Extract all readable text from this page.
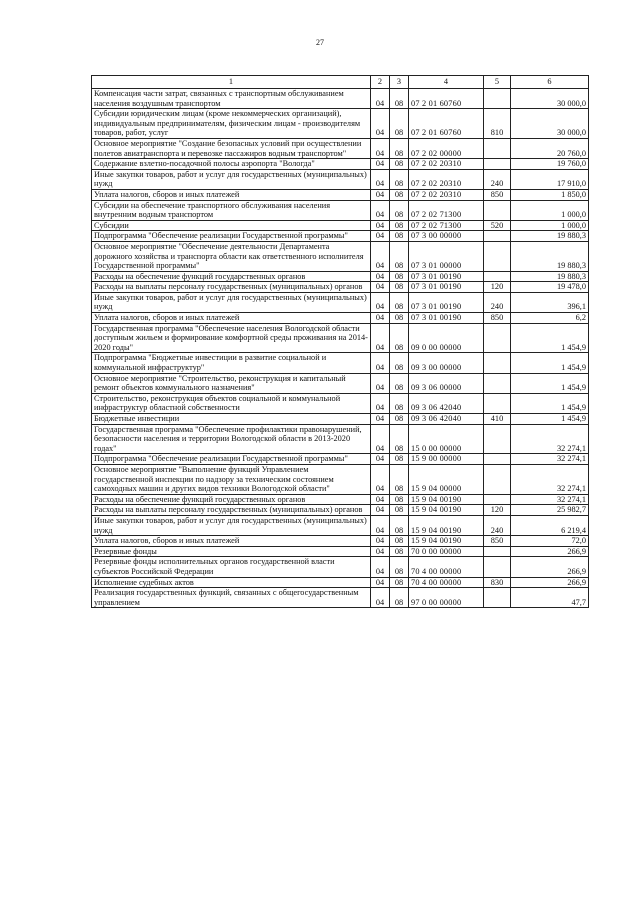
27
1	2	3	4	5	6
Компенсация части затрат, связанных с транспортным обслуживанием населения воздушным транспортом	04	08	07 2 01 60760		30 000,0
Субсидии юридическим лицам (кроме некоммерческих организаций), индивидуальным предпринимателям, физическим лицам - производителям товаров, работ, услуг	04	08	07 2 01 60760	810	30 000,0
Основное мероприятие "Создание безопасных условий при осуществлении полетов авиатранспорта и перевозке пассажиров водным транспортом"	04	08	07 2 02 00000		20 760,0
Содержание взлетно-посадочной полосы аэропорта "Вологда"	04	08	07 2 02 20310		19 760,0
Иные закупки товаров, работ и услуг для государственных (муниципальных) нужд	04	08	07 2 02 20310	240	17 910,0
Уплата налогов, сборов и иных платежей	04	08	07 2 02 20310	850	1 850,0
Субсидии на обеспечение транспортного обслуживания населения внутренним водным транспортом	04	08	07 2 02 71300		1 000,0
Субсидии	04	08	07 2 02 71300	520	1 000,0
Подпрограмма "Обеспечение реализации Государственной программы"	04	08	07 3 00 00000		19 880,3
Основное мероприятие "Обеспечение деятельности Департамента дорожного хозяйства и транспорта области как ответственного исполнителя Государственной программы"	04	08	07 3 01 00000		19 880,3
Расходы на обеспечение функций государственных органов	04	08	07 3 01 00190		19 880,3
Расходы на выплаты персоналу государственных (муниципальных) органов	04	08	07 3 01 00190	120	19 478,0
Иные закупки товаров, работ и услуг для государственных (муниципальных) нужд	04	08	07 3 01 00190	240	396,1
Уплата налогов, сборов и иных платежей	04	08	07 3 01 00190	850	6,2
Государственная программа "Обеспечение населения Вологодской области доступным жильем и формирование комфортной среды проживания на 2014-2020 годы"	04	08	09 0 00 00000		1 454,9
Подпрограмма "Бюджетные инвестиции в развитие социальной и коммунальной инфраструктур"	04	08	09 3 00 00000		1 454,9
Основное мероприятие "Строительство, реконструкция и капитальный ремонт объектов коммунального назначения"	04	08	09 3 06 00000		1 454,9
Строительство, реконструкция объектов социальной и коммунальной инфраструктур областной собственности	04	08	09 3 06 42040		1 454,9
Бюджетные инвестиции	04	08	09 3 06 42040	410	1 454,9
Государственная программа "Обеспечение профилактики правонарушений, безопасности населения и территории Вологодской области в 2013-2020 годах"	04	08	15 0 00 00000		32 274,1
Подпрограмма "Обеспечение реализации Государственной программы"	04	08	15 9 00 00000		32 274,1
Основное мероприятие "Выполнение функций Управлением государственной инспекции по надзору за техническим состоянием самоходных машин и других видов техники Вологодской области"	04	08	15 9 04 00000		32 274,1
Расходы на обеспечение функций государственных органов	04	08	15 9 04 00190		32 274,1
Расходы на выплаты персоналу государственных (муниципальных) органов	04	08	15 9 04 00190	120	25 982,7
Иные закупки товаров, работ и услуг для государственных (муниципальных) нужд	04	08	15 9 04 00190	240	6 219,4
Уплата налогов, сборов и иных платежей	04	08	15 9 04 00190	850	72,0
Резервные фонды	04	08	70 0 00 00000		266,9
Резервные фонды исполнительных органов государственной власти субъектов Российской Федерации	04	08	70 4 00 00000		266,9
Исполнение судебных актов	04	08	70 4 00 00000	830	266,9
Реализация государственных функций, связанных с общегосударственным управлением	04	08	97 0 00 00000		47,7
